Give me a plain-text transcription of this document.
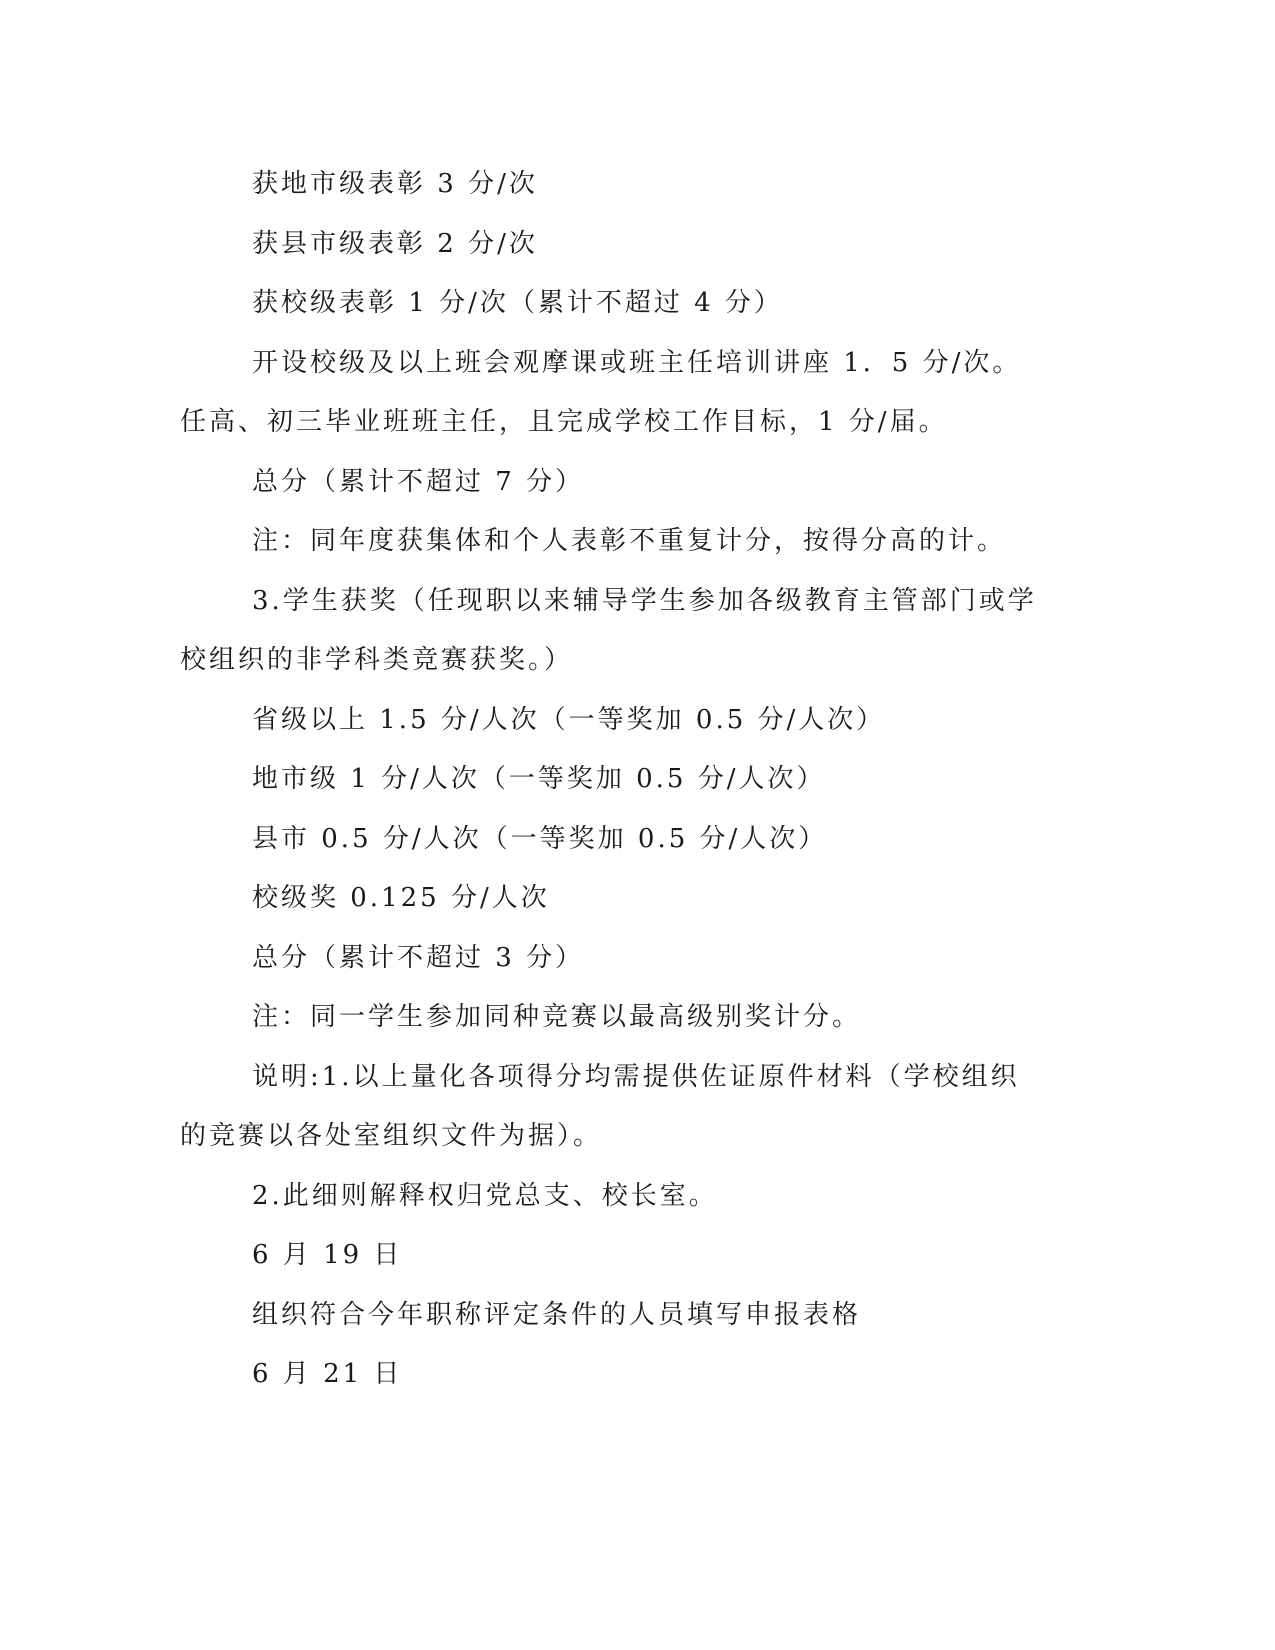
获地市级表彰 3 分/次

获县市级表彰 2 分/次

获校级表彰 1 分/次（累计不超过 4 分）

开设校级及以上班会观摩课或班主任培训讲座 1．5 分/次。任高、初三毕业班班主任，且完成学校工作目标，1 分/届。

总分（累计不超过 7 分）

注：同年度获集体和个人表彰不重复计分，按得分高的计。

3.学生获奖（任现职以来辅导学生参加各级教育主管部门或学校组织的非学科类竞赛获奖。）

省级以上 1.5 分/人次（一等奖加 0.5 分/人次）

地市级 1 分/人次（一等奖加 0.5 分/人次）

县市 0.5 分/人次（一等奖加 0.5 分/人次）

校级奖 0.125 分/人次

总分（累计不超过 3 分）

注：同一学生参加同种竞赛以最高级别奖计分。

说明:1.以上量化各项得分均需提供佐证原件材料（学校组织的竞赛以各处室组织文件为据）。

2.此细则解释权归党总支、校长室。

6 月 19 日

组织符合今年职称评定条件的人员填写申报表格

6 月 21 日
